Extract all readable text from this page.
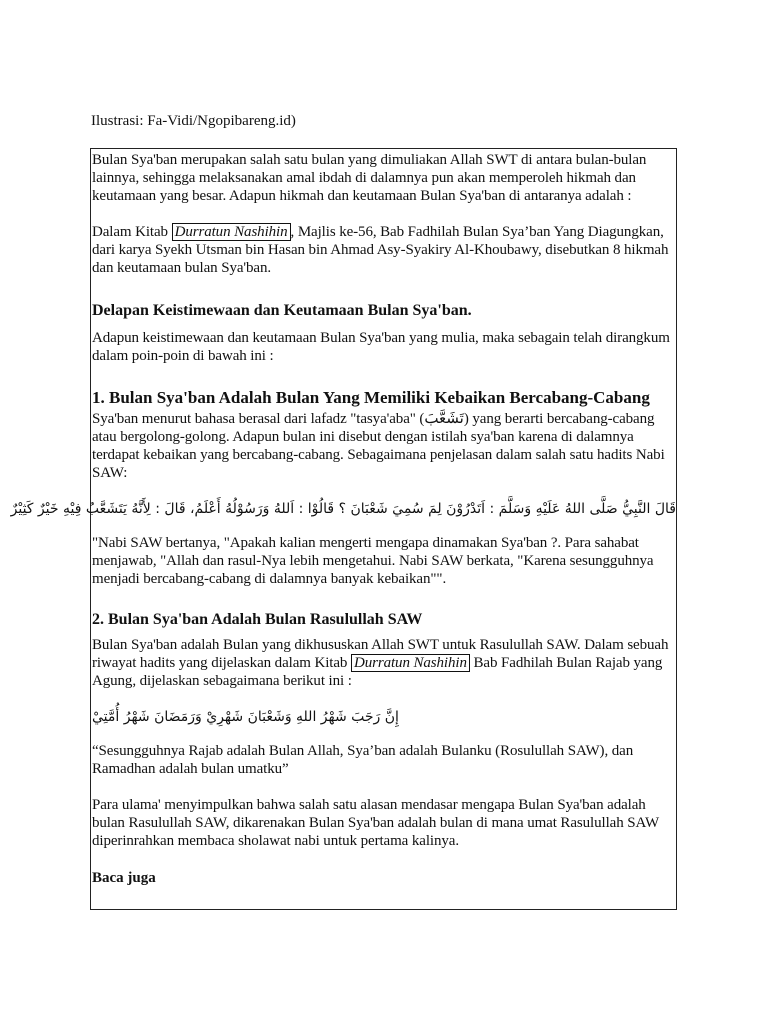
Ilustrasi: Fa-Vidi/Ngopibareng.id)

Bulan Sya'ban merupakan salah satu bulan yang dimuliakan Allah SWT di antara bulan-bulan lainnya, sehingga melaksanakan amal ibdah di dalamnya pun akan memperoleh hikmah dan keutamaan yang besar. Adapun hikmah dan keutamaan Bulan Sya'ban di antaranya adalah :

Dalam Kitab Durratun Nashihin , Majlis ke-56, Bab Fadhilah Bulan Sya’ban Yang Diagungkan, dari karya Syekh Utsman bin Hasan bin Ahmad Asy-Syakiry Al-Khoubawy, disebutkan 8 hikmah dan keutamaan bulan Sya'ban.

Delapan Keistimewaan dan Keutamaan Bulan Sya'ban.

Adapun keistimewaan dan keutamaan Bulan Sya'ban yang mulia, maka sebagain telah dirangkum dalam poin-poin di bawah ini :

1. Bulan Sya'ban Adalah Bulan Yang Memiliki Kebaikan Bercabang-Cabang

Sya'ban menurut bahasa berasal dari lafadz "tasya'aba" (تَشَعَّبَ) yang berarti bercabang-cabang atau bergolong-golong. Adapun bulan ini disebut dengan istilah sya'ban karena di dalamnya terdapat kebaikan yang bercabang-cabang. Sebagaimana penjelasan dalam salah satu hadits Nabi SAW:

قَالَ النَّبِيُّ صَلَّى اللهُ عَلَيْهِ وَسَلَّمَ : اَتَدْرُوْنَ لِمَ سُمِيَ شَعْبَانَ ؟ قَالُوْا : اَللهُ وَرَسُوْلُهُ أَعْلَمُ، قَالَ : لِأَنَّهُ يَتَشَعَّبُ فِيْهِ خَيْرٌ كَثِيْرٌ

"Nabi SAW bertanya, "Apakah kalian mengerti mengapa dinamakan Sya'ban ?. Para sahabat menjawab, "Allah dan rasul-Nya lebih mengetahui. Nabi SAW berkata, "Karena sesungguhnya menjadi bercabang-cabang di dalamnya banyak kebaikan"".

2. Bulan Sya'ban Adalah Bulan Rasulullah SAW

Bulan Sya'ban adalah Bulan yang dikhususkan Allah SWT untuk Rasulullah SAW. Dalam sebuah riwayat hadits yang dijelaskan dalam Kitab Durratun Nashihin Bab Fadhilah Bulan Rajab yang Agung, dijelaskan sebagaimana berikut ini :

إِنَّ رَجَبَ شَهْرُ اللهِ وَشَعْبَانَ شَهْرِيْ وَرَمَضَانَ شَهْرُ أُمَّتِيْ

“Sesungguhnya Rajab adalah Bulan Allah, Sya’ban adalah Bulanku (Rosulullah SAW), dan Ramadhan adalah bulan umatku”

Para ulama' menyimpulkan bahwa salah satu alasan mendasar mengapa Bulan Sya'ban adalah bulan Rasulullah SAW, dikarenakan Bulan Sya'ban adalah bulan di mana umat Rasulullah SAW diperinrahkan membaca sholawat nabi untuk pertama kalinya.

Baca juga
